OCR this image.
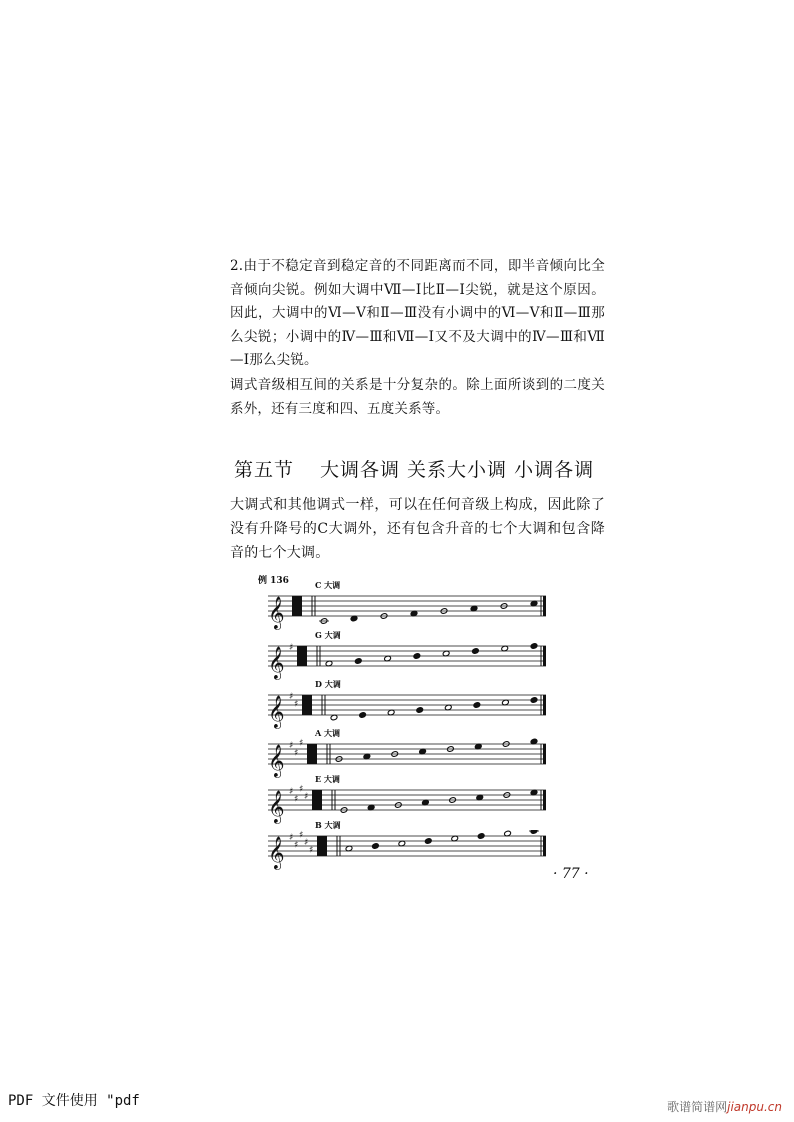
2.由于不稳定音到稳定音的不同距离而不同，即半音倾向比全音倾向尖锐。例如大调中Ⅶ—Ⅰ比Ⅱ—Ⅰ尖锐，就是这个原因。因此，大调中的Ⅵ—Ⅴ和Ⅱ—Ⅲ没有小调中的Ⅵ—Ⅴ和Ⅱ—Ⅲ那么尖锐；小调中的Ⅳ—Ⅲ和Ⅶ—Ⅰ又不及大调中的Ⅳ—Ⅲ和Ⅶ—Ⅰ那么尖锐。

调式音级相互间的关系是十分复杂的。除上面所谈到的二度关系外，还有三度和四、五度关系等。

第五节 大调各调 关系大小调 小调各调

大调式和其他调式一样，可以在任何音级上构成，因此除了没有升降号的C大调外，还有包含升音的七个大调和包含降音的七个大调。

例 136
𝄞
𝄞 ♯
𝄞 ♯
♯
𝄞 ♯
♯
♯
𝄞 ♯
♯
♯
♯
𝄞 ♯
♯
♯
♯
♯
· 77 ·
PDF 文件使用 "pdf	歌谱简谱网jianpu.cn
C 大调
G 大调
D 大调
A 大调
E 大调
B 大调
